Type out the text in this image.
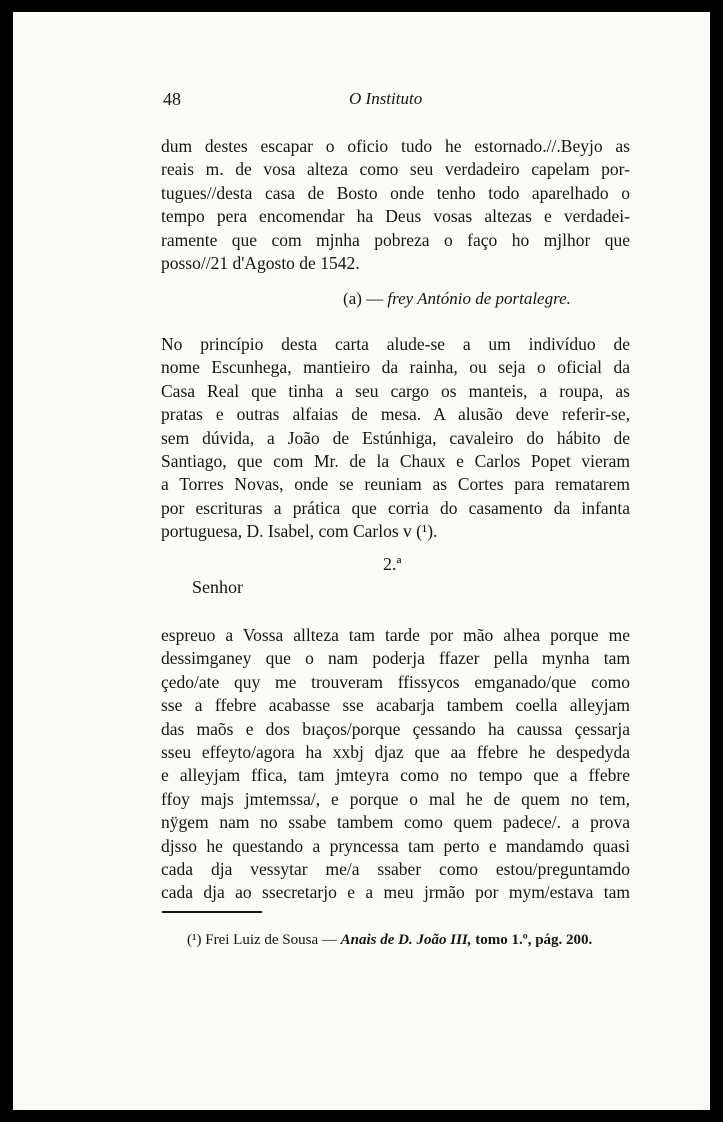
48	O Instituto

dum destes escapar o oficio tudo he estornado.//.Beyjo as
reais m. de vosa alteza como seu verdadeiro capelam por-
tugues//desta casa de Bosto onde tenho todo aparelhado o
tempo pera encomendar ha Deus vosas altezas e verdadei-
ramente que com mjnha pobreza o faço ho mjlhor que
posso//21 d'Agosto de 1542.

(a) — frey António de portalegre.

No princípio desta carta alude-se a um indivíduo de
nome Escunhega, mantieiro da rainha, ou seja o oficial da
Casa Real que tinha a seu cargo os manteis, a roupa, as
pratas e outras alfaias de mesa. A alusão deve referir-se,
sem dúvida, a João de Estúnhiga, cavaleiro do hábito de
Santiago, que com Mr. de la Chaux e Carlos Popet vieram
a Torres Novas, onde se reuniam as Cortes para rematarem
por escrituras a prática que corria do casamento da infanta
portuguesa, D. Isabel, com Carlos v (¹).

2.ª
Senhor

espreuo a Vossa allteza tam tarde por mão alhea porque me
dessimganey que o nam poderja ffazer pella mynha tam
çedo/ate quy me trouveram ffissycos emganado/que como
sse a ffebre acabasse sse acabarja tambem coella alleyjam
das maõs e dos bɪaços/porque çessando ha caussa çessarja
sseu effeyto/agora ha xxbj djaz que aa ffebre he despedyda
e alleyjam ffica, tam jmteyra como no tempo que a ffebre
ffoy majs jmtemssa/, e porque o mal he de quem no tem,
nÿgem nam no ssabe tambem como quem padece/. a prova
djsso he questando a pryncessa tam perto e mandamdo quasi
cada dja vessytar me/a ssaber como estou/preguntamdo
cada dja ao ssecretarjo e a meu jrmão por mym/estava tam

(¹) Frei Luiz de Sousa — Anais de D. João III, tomo 1.º, pág. 200.
